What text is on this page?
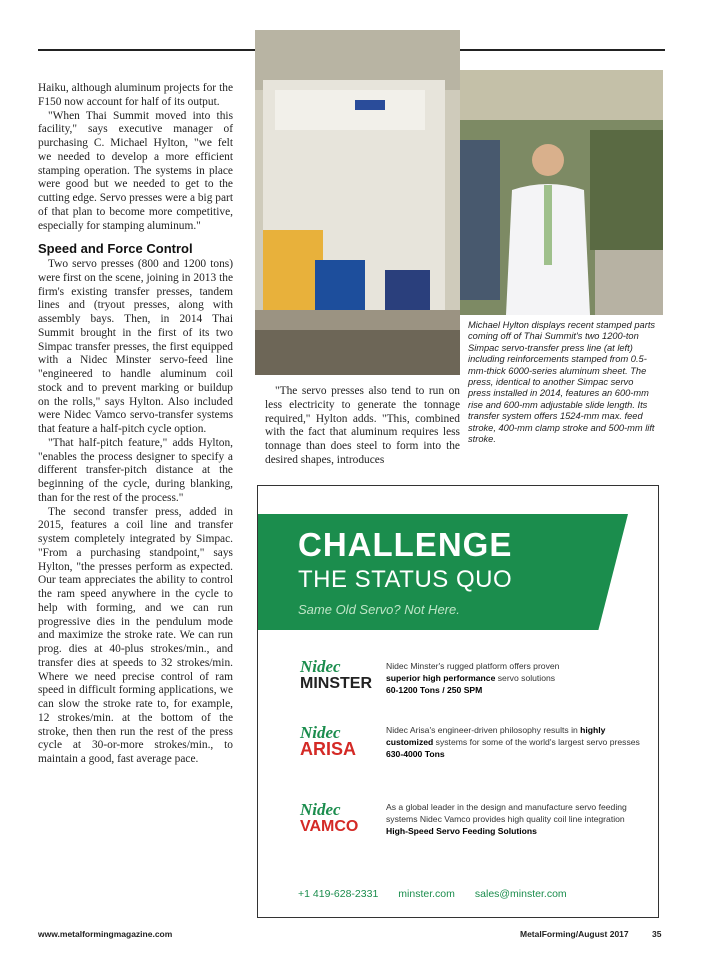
Haiku, although aluminum projects for the F150 now account for half of its output.

"When Thai Summit moved into this facility," says executive manager of purchasing C. Michael Hylton, "we felt we needed to develop a more efficient stamping operation. The systems in place were good but we needed to get to the cutting edge. Servo presses were a big part of that plan to become more competitive, especially for stamping aluminum."

Speed and Force Control

Two servo presses (800 and 1200 tons) were first on the scene, joining in 2013 the firm's existing transfer presses, tandem lines and (tryout presses, along with assembly bays. Then, in 2014 Thai Summit brought in the first of its two Simpac transfer presses, the first equipped with a Nidec Minster servo-feed line "engineered to handle aluminum coil stock and to prevent marking or buildup on the rolls," says Hylton. Also included were Nidec Vamco servo-transfer systems that feature a half-pitch cycle option.

"That half-pitch feature," adds Hylton, "enables the process designer to specify a different transfer-pitch distance at the beginning of the cycle, during blanking, than for the rest of the process."

The second transfer press, added in 2015, features a coil line and transfer system completely integrated by Simpac. "From a purchasing standpoint," says Hylton, "the presses perform as expected. Our team appreciates the ability to control the ram speed anywhere in the cycle to help with forming, and we can run progressive dies in the pendulum mode and maximize the stroke rate. We can run prog. dies at 40-plus strokes/min., and transfer dies at speeds to 32 strokes/min. Where we need precise control of ram speed in difficult forming applications, we can slow the stroke rate to, for example, 12 strokes/min. at the bottom of the stroke, then then run the rest of the press cycle at 30-or-more strokes/min., to maintain a good, fast average pace.

Michael Hylton displays recent stamped parts coming off of Thai Summit's two 1200-ton Simpac servo-transfer press line (at left) including reinforcements stamped from 0.5-mm-thick 6000-series aluminum sheet. The press, identical to another Simpac servo press installed in 2014, features an 600-mm rise and 600-mm adjustable slide length. Its transfer system offers 1524-mm max. feed stroke, 400-mm clamp stroke and 500-mm lift stroke.

"The servo presses also tend to run on less electricity to generate the tonnage required," Hylton adds. "This, combined with the fact that aluminum requires less tonnage than does steel to form into the desired shapes, introduces

CHALLENGE
THE STATUS QUO
Same Old Servo? Not Here.
Nidec
MINSTER
Nidec Minster's rugged platform offers proven
superior high performance servo solutions
60-1200 Tons / 250 SPM
Nidec
ARISA
Nidec Arisa's engineer-driven philosophy results in highly customized systems for some of the world's largest servo presses
630-4000 Tons
Nidec
VAMCO
As a global leader in the design and manufacture servo feeding systems Nidec Vamco provides high quality coil line integration
High-Speed Servo Feeding Solutions
+1 419-628-2331 minster.com sales@minster.com
www.metalformingmagazine.com	MetalForming/August 2017	35
